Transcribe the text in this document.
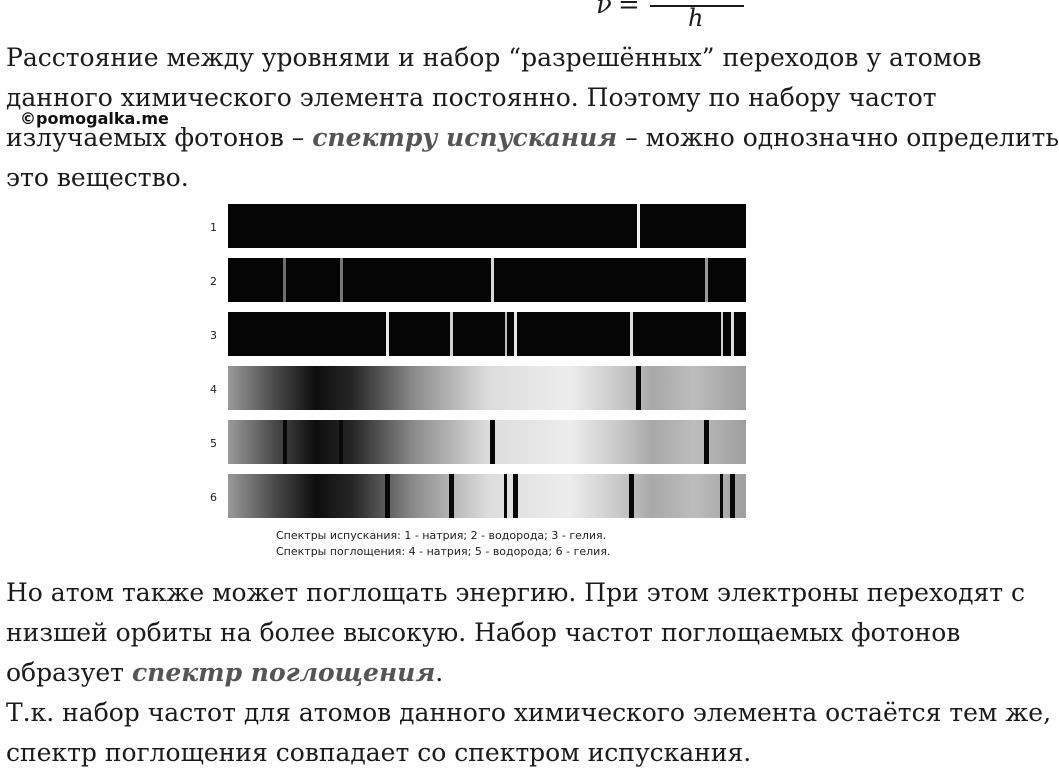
ν = h

Расстояние между уровнями и набор “разрешённых” переходов у атомов
данного химического элемента постоянно. Поэтому по набору частот
излучаемых фотонов – спектру испускания – можно однозначно определить
это вещество.

©pomogalka.me
1
2
3
4
5
6
Спектры испускания: 1 - натрия; 2 - водорода; 3 - гелия.
Спектры поглощения: 4 - натрия; 5 - водорода; 6 - гелия.

Но атом также может поглощать энергию. При этом электроны переходят с
низшей орбиты на более высокую. Набор частот поглощаемых фотонов
образует спектр поглощения.

Т.к. набор частот для атомов данного химического элемента остаётся тем же,
спектр поглощения совпадает со спектром испускания.
